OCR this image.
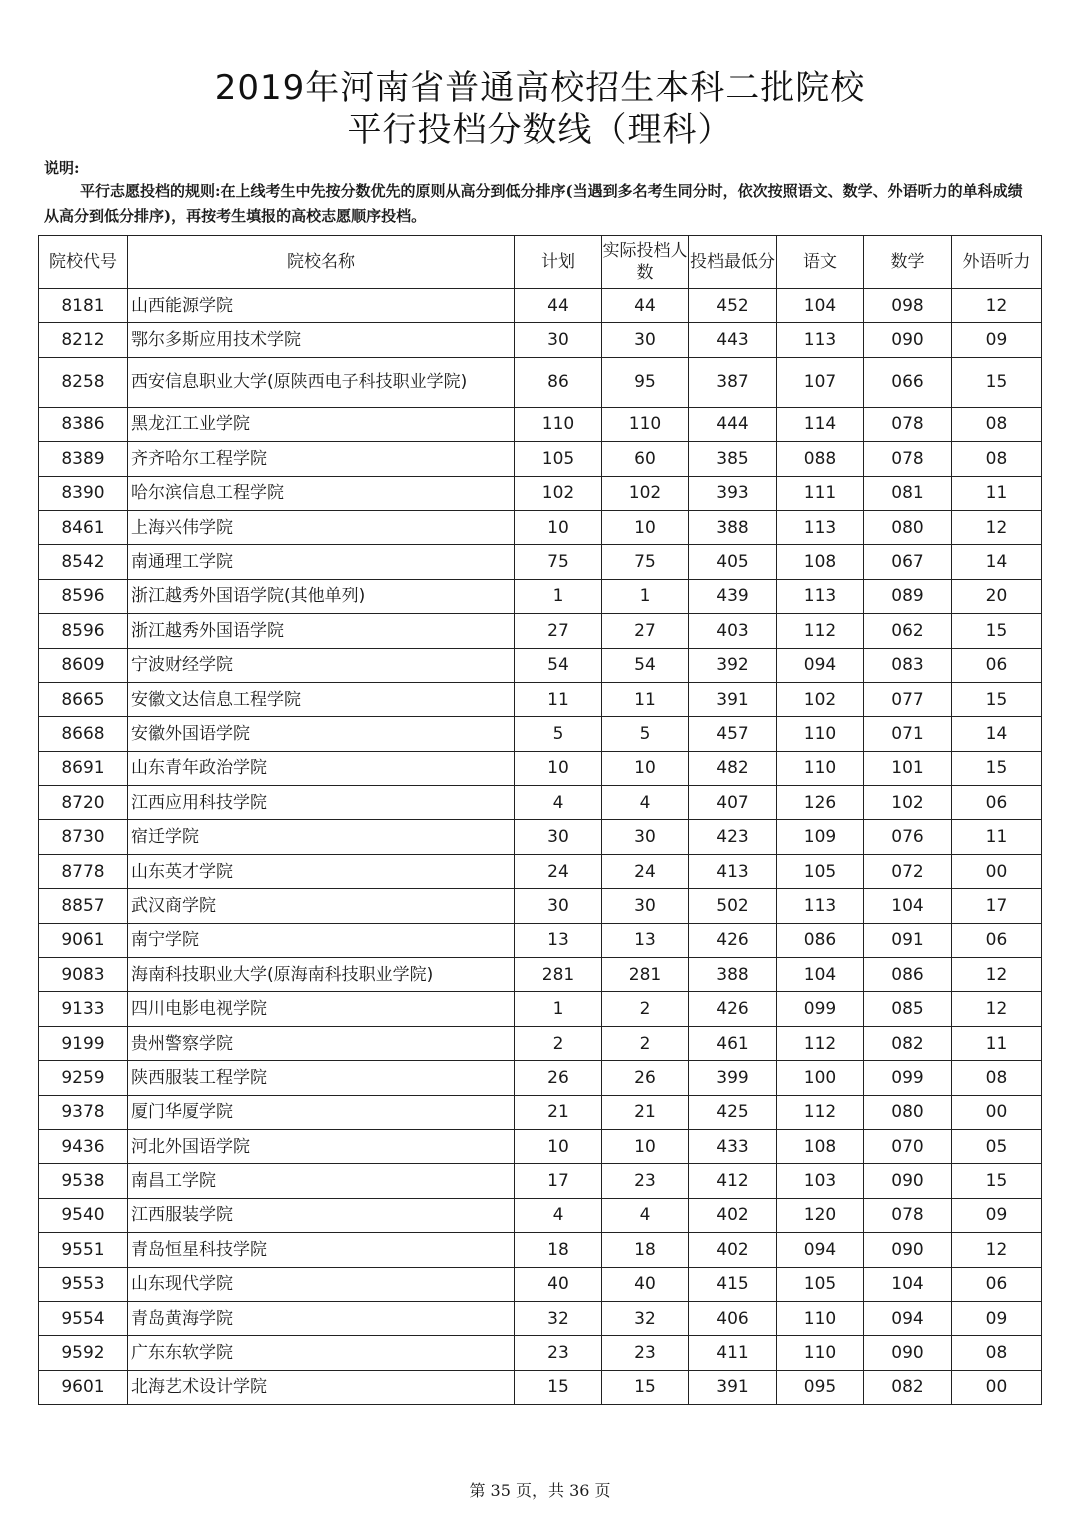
2019年河南省普通高校招生本科二批院校
平行投档分数线（理科）
说明:
平行志愿投档的规则:在上线考生中先按分数优先的原则从高分到低分排序(当遇到多名考生同分时，依次按照语文、数学、外语听力的单科成绩从高分到低分排序)，再按考生填报的高校志愿顺序投档。
院校代号	院校名称	计划	实际投档人数	投档最低分	语文	数学	外语听力
8181	山西能源学院	44	44	452	104	098	12
8212	鄂尔多斯应用技术学院	30	30	443	113	090	09
8258	西安信息职业大学(原陕西电子科技职业学院)	86	95	387	107	066	15
8386	黑龙江工业学院	110	110	444	114	078	08
8389	齐齐哈尔工程学院	105	60	385	088	078	08
8390	哈尔滨信息工程学院	102	102	393	111	081	11
8461	上海兴伟学院	10	10	388	113	080	12
8542	南通理工学院	75	75	405	108	067	14
8596	浙江越秀外国语学院(其他单列)	1	1	439	113	089	20
8596	浙江越秀外国语学院	27	27	403	112	062	15
8609	宁波财经学院	54	54	392	094	083	06
8665	安徽文达信息工程学院	11	11	391	102	077	15
8668	安徽外国语学院	5	5	457	110	071	14
8691	山东青年政治学院	10	10	482	110	101	15
8720	江西应用科技学院	4	4	407	126	102	06
8730	宿迁学院	30	30	423	109	076	11
8778	山东英才学院	24	24	413	105	072	00
8857	武汉商学院	30	30	502	113	104	17
9061	南宁学院	13	13	426	086	091	06
9083	海南科技职业大学(原海南科技职业学院)	281	281	388	104	086	12
9133	四川电影电视学院	1	2	426	099	085	12
9199	贵州警察学院	2	2	461	112	082	11
9259	陕西服装工程学院	26	26	399	100	099	08
9378	厦门华厦学院	21	21	425	112	080	00
9436	河北外国语学院	10	10	433	108	070	05
9538	南昌工学院	17	23	412	103	090	15
9540	江西服装学院	4	4	402	120	078	09
9551	青岛恒星科技学院	18	18	402	094	090	12
9553	山东现代学院	40	40	415	105	104	06
9554	青岛黄海学院	32	32	406	110	094	09
9592	广东东软学院	23	23	411	110	090	08
9601	北海艺术设计学院	15	15	391	095	082	00
第 35 页，共 36 页
